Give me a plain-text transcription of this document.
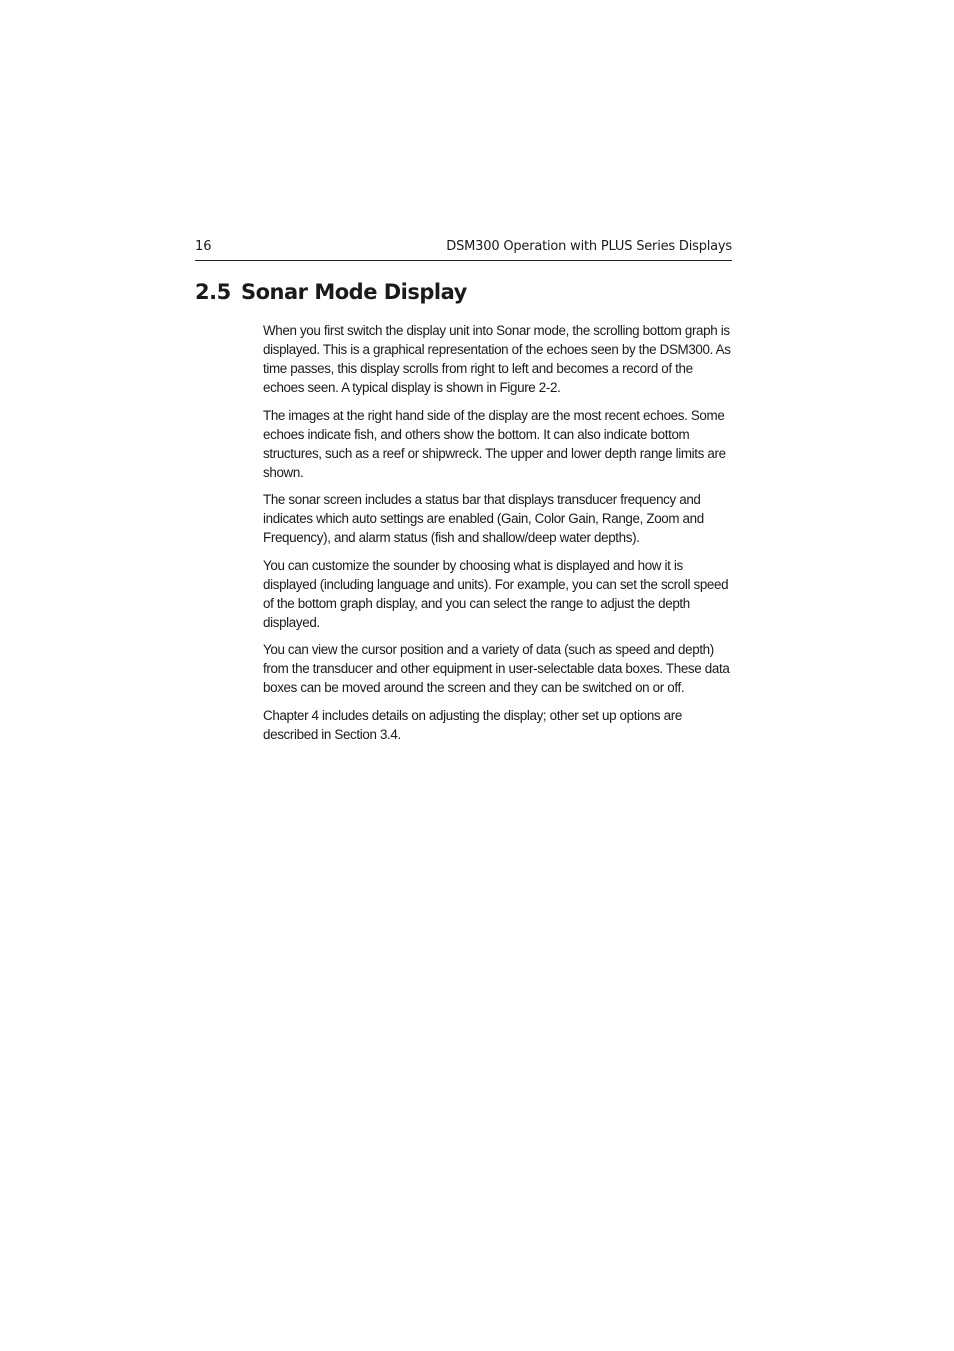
16	DSM300 Operation with PLUS Series Displays
2.5 Sonar Mode Display

When you first switch the display unit into Sonar mode, the scrolling bottom graph is displayed. This is a graphical representation of the echoes seen by the DSM300. As time passes, this display scrolls from right to left and becomes a record of the echoes seen. A typical display is shown in Figure 2-2.

The images at the right hand side of the display are the most recent echoes. Some echoes indicate fish, and others show the bottom. It can also indicate bottom structures, such as a reef or shipwreck. The upper and lower depth range limits are shown.

The sonar screen includes a status bar that displays transducer frequency and indicates which auto settings are enabled (Gain, Color Gain, Range, Zoom and Frequency), and alarm status (fish and shallow/deep water depths).

You can customize the sounder by choosing what is displayed and how it is displayed (including language and units). For example, you can set the scroll speed of the bottom graph display, and you can select the range to adjust the depth displayed.

You can view the cursor position and a variety of data (such as speed and depth) from the transducer and other equipment in user-selectable data boxes. These data boxes can be moved around the screen and they can be switched on or off.

Chapter 4 includes details on adjusting the display; other set up options are described in Section 3.4.
